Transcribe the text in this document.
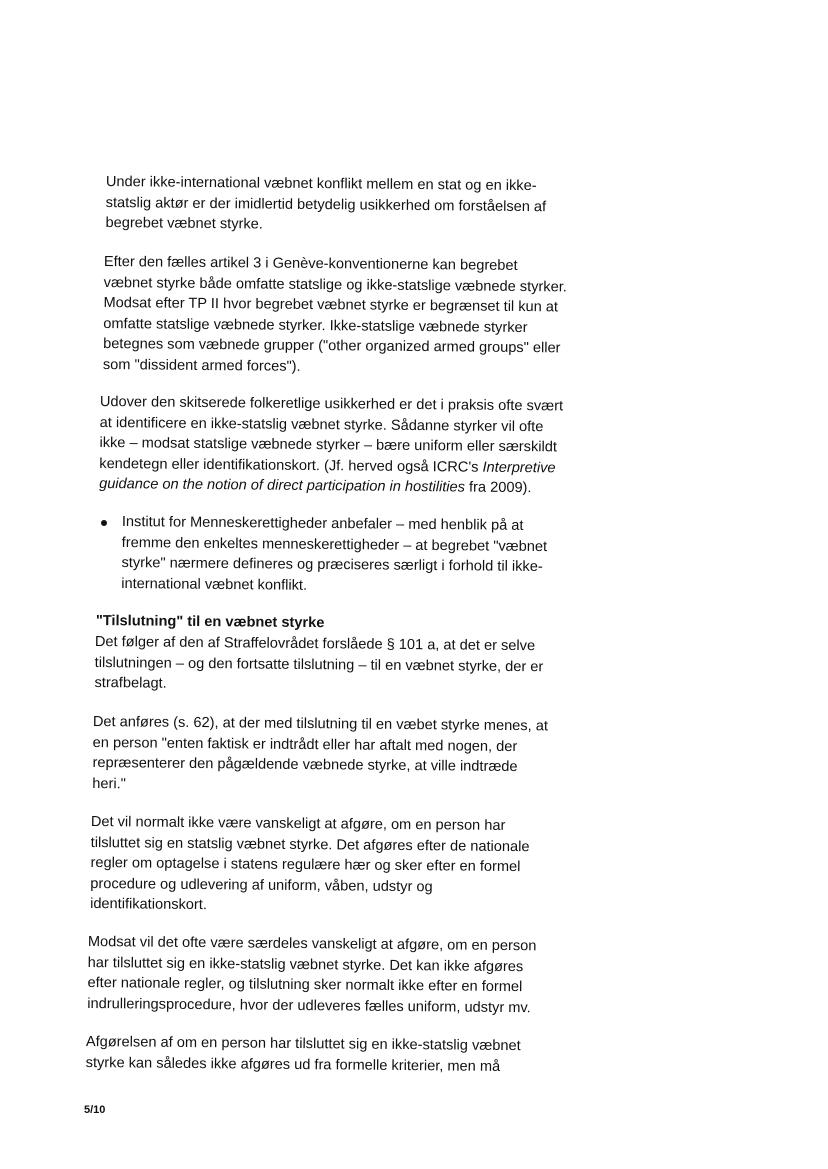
Under ikke-international væbnet konflikt mellem en stat og en ikke-
statslig aktør er der imidlertid betydelig usikkerhed om forståelsen af
begrebet væbnet styrke.
Efter den fælles artikel 3 i Genève-konventionerne kan begrebet
væbnet styrke både omfatte statslige og ikke-statslige væbnede styrker.
Modsat efter TP II hvor begrebet væbnet styrke er begrænset til kun at
omfatte statslige væbnede styrker. Ikke-statslige væbnede styrker
betegnes som væbnede grupper ("other organized armed groups" eller
som "dissident armed forces").
Udover den skitserede folkeretlige usikkerhed er det i praksis ofte svært
at identificere en ikke-statslig væbnet styrke. Sådanne styrker vil ofte
ikke – modsat statslige væbnede styrker – bære uniform eller særskildt
kendetegn eller identifikationskort. (Jf. herved også ICRC's Interpretive
guidance on the notion of direct participation in hostilities fra 2009).
Institut for Menneskerettigheder anbefaler – med henblik på at
fremme den enkeltes menneskerettigheder – at begrebet "væbnet
styrke" nærmere defineres og præciseres særligt i forhold til ikke-
international væbnet konflikt.
"Tilslutning" til en væbnet styrke
Det følger af den af Straffelovrådet forslåede § 101 a, at det er selve
tilslutningen – og den fortsatte tilslutning – til en væbnet styrke, der er
strafbelagt.
Det anføres (s. 62), at der med tilslutning til en væbet styrke menes, at
en person "enten faktisk er indtrådt eller har aftalt med nogen, der
repræsenterer den pågældende væbnede styrke, at ville indtræde
heri."
Det vil normalt ikke være vanskeligt at afgøre, om en person har
tilsluttet sig en statslig væbnet styrke. Det afgøres efter de nationale
regler om optagelse i statens regulære hær og sker efter en formel
procedure og udlevering af uniform, våben, udstyr og
identifikationskort.
Modsat vil det ofte være særdeles vanskeligt at afgøre, om en person
har tilsluttet sig en ikke-statslig væbnet styrke. Det kan ikke afgøres
efter nationale regler, og tilslutning sker normalt ikke efter en formel
indrulleringsprocedure, hvor der udleveres fælles uniform, udstyr mv.
Afgørelsen af om en person har tilsluttet sig en ikke-statslig væbnet
styrke kan således ikke afgøres ud fra formelle kriterier, men må
5/10
